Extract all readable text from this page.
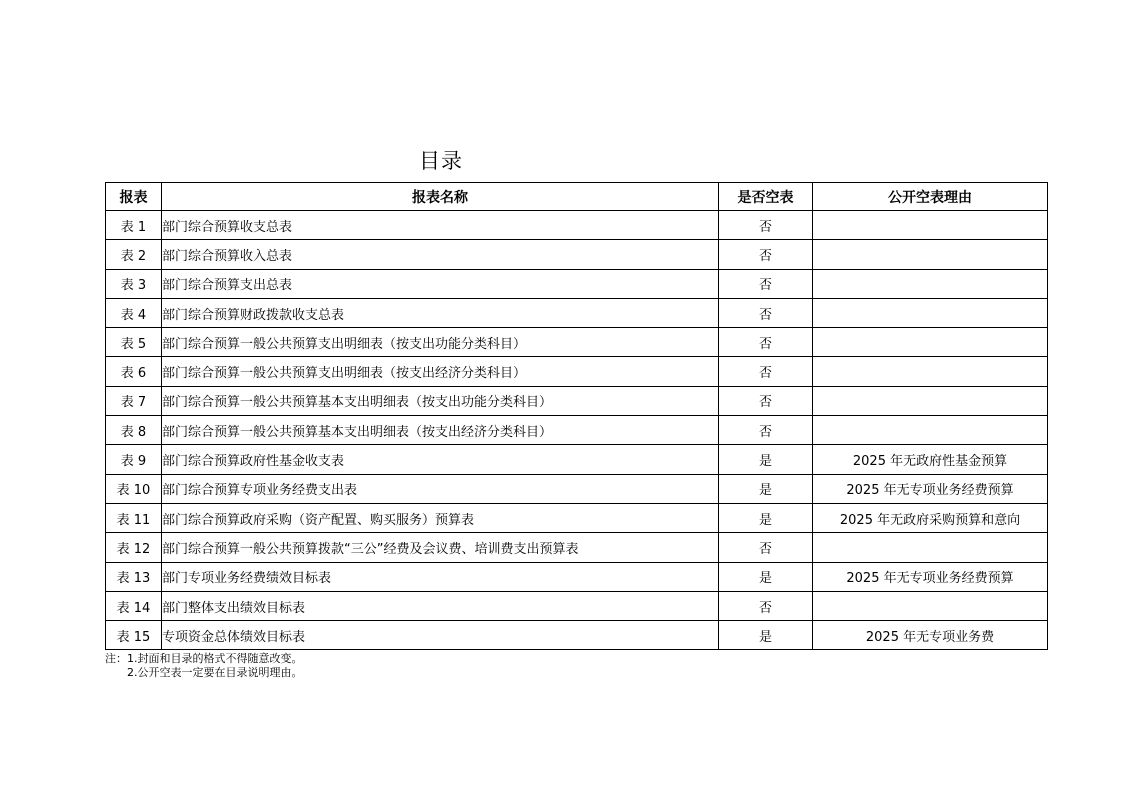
目录
报表	报表名称	是否空表	公开空表理由
表 1	部门综合预算收支总表	否	
表 2	部门综合预算收入总表	否	
表 3	部门综合预算支出总表	否	
表 4	部门综合预算财政拨款收支总表	否	
表 5	部门综合预算一般公共预算支出明细表（按支出功能分类科目）	否	
表 6	部门综合预算一般公共预算支出明细表（按支出经济分类科目）	否	
表 7	部门综合预算一般公共预算基本支出明细表（按支出功能分类科目）	否	
表 8	部门综合预算一般公共预算基本支出明细表（按支出经济分类科目）	否	
表 9	部门综合预算政府性基金收支表	是	2025 年无政府性基金预算
表 10	部门综合预算专项业务经费支出表	是	2025 年无专项业务经费预算
表 11	部门综合预算政府采购（资产配置、购买服务）预算表	是	2025 年无政府采购预算和意向
表 12	部门综合预算一般公共预算拨款“三公”经费及会议费、培训费支出预算表	否	
表 13	部门专项业务经费绩效目标表	是	2025 年无专项业务经费预算
表 14	部门整体支出绩效目标表	否	
表 15	专项资金总体绩效目标表	是	2025 年无专项业务费
注：1.封面和目录的格式不得随意改变。
2.公开空表一定要在目录说明理由。
